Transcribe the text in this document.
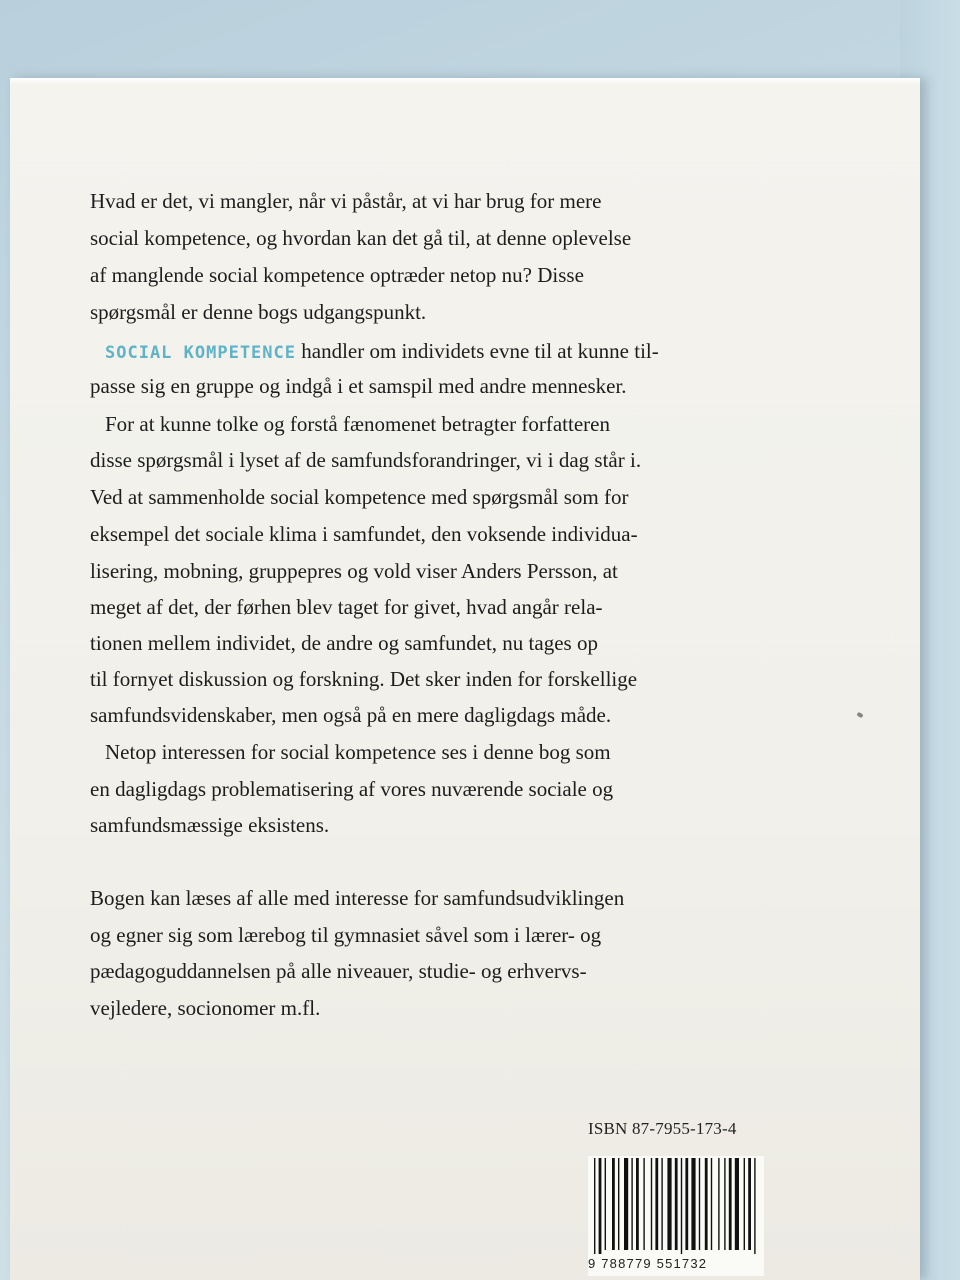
Hvad er det, vi mangler, når vi påstår, at vi har brug for mere
social kompetence, og hvordan kan det gå til, at denne oplevelse
af manglende social kompetence optræder netop nu? Disse
spørgsmål er denne bogs udgangspunkt.
SOCIAL KOMPETENCE handler om individets evne til at kunne til-
passe sig en gruppe og indgå i et samspil med andre mennesker.
For at kunne tolke og forstå fænomenet betragter forfatteren
disse spørgsmål i lyset af de samfundsforandringer, vi i dag står i.
Ved at sammenholde social kompetence med spørgsmål som for
eksempel det sociale klima i samfundet, den voksende individua-
lisering, mobning, gruppepres og vold viser Anders Persson, at
meget af det, der førhen blev taget for givet, hvad angår rela-
tionen mellem individet, de andre og samfundet, nu tages op
til fornyet diskussion og forskning. Det sker inden for forskellige
samfundsvidenskaber, men også på en mere dagligdags måde.
Netop interessen for social kompetence ses i denne bog som
en dagligdags problematisering af vores nuværende sociale og
samfundsmæssige eksistens.
Bogen kan læses af alle med interesse for samfundsudviklingen
og egner sig som lærebog til gymnasiet såvel som i lærer- og
pædagoguddannelsen på alle niveauer, studie- og erhvervs-
vejledere, socionomer m.fl.
ISBN 87-7955-173-4
9 788779 551732
